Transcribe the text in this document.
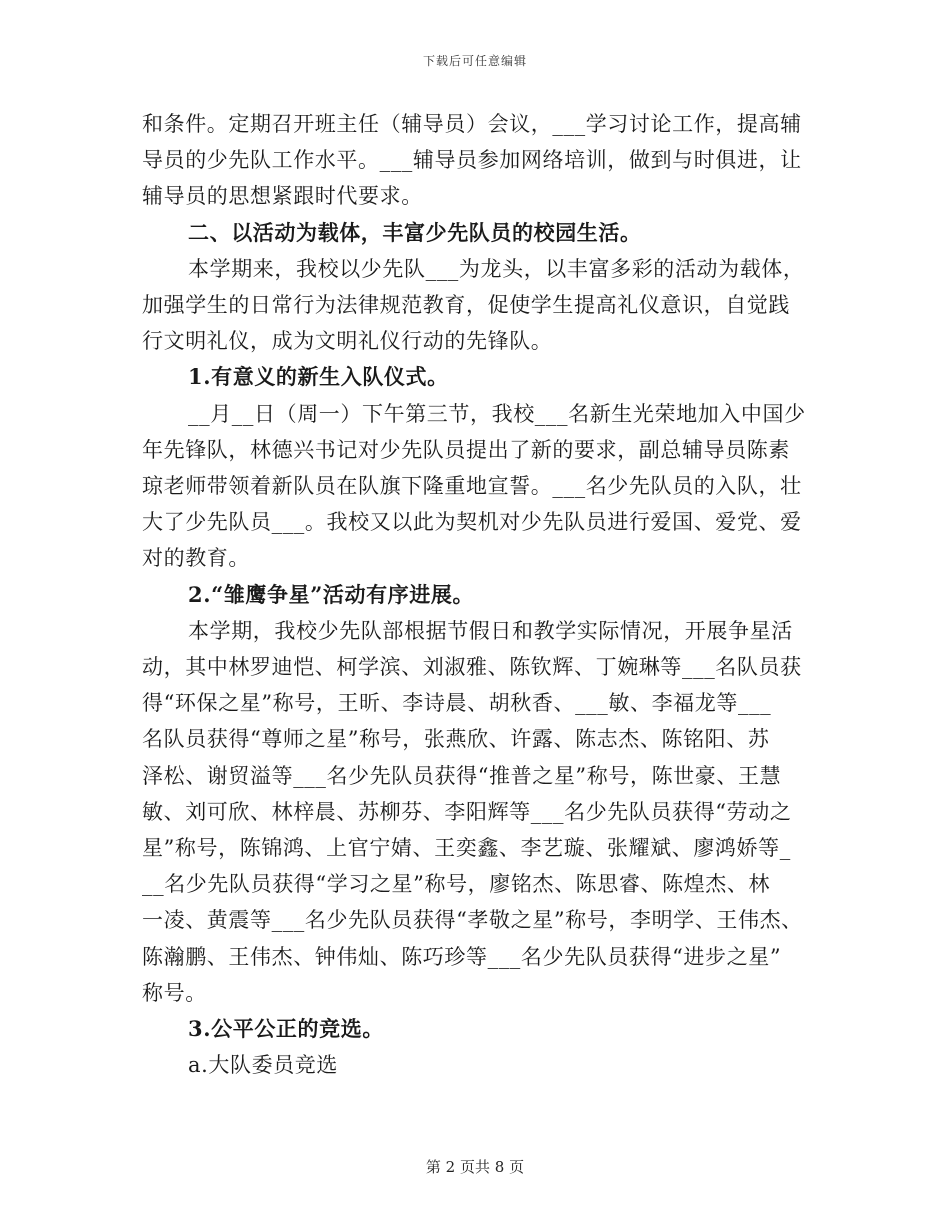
下载后可任意编辑
和条件。定期召开班主任（辅导员）会议，___学习讨论工作，提高辅
导员的少先队工作水平。___辅导员参加网络培训，做到与时俱进，让
辅导员的思想紧跟时代要求。
二、以活动为载体，丰富少先队员的校园生活。
本学期来，我校以少先队___为龙头，以丰富多彩的活动为载体，
加强学生的日常行为法律规范教育，促使学生提高礼仪意识，自觉践
行文明礼仪，成为文明礼仪行动的先锋队。
1.有意义的新生入队仪式。
__月__日（周一）下午第三节，我校___名新生光荣地加入中国少
年先锋队，林德兴书记对少先队员提出了新的要求，副总辅导员陈素
琼老师带领着新队员在队旗下隆重地宣誓。___名少先队员的入队，壮
大了少先队员___。我校又以此为契机对少先队员进行爱国、爱党、爱
对的教育。
2.“雏鹰争星”活动有序进展。
本学期，我校少先队部根据节假日和教学实际情况，开展争星活
动，其中林罗迪恺、柯学滨、刘淑雅、陈钦辉、丁婉琳等___名队员获
得“环保之星”称号，王昕、李诗晨、胡秋香、___敏、李福龙等___
名队员获得“尊师之星”称号，张燕欣、许露、陈志杰、陈铭阳、苏
泽松、谢贸溢等___名少先队员获得“推普之星”称号，陈世豪、王慧
敏、刘可欣、林梓晨、苏柳芬、李阳辉等___名少先队员获得“劳动之
星”称号，陈锦鸿、上官宁婧、王奕鑫、李艺璇、张耀斌、廖鸿娇等_
__名少先队员获得“学习之星”称号，廖铭杰、陈思睿、陈煌杰、林
一凌、黄震等___名少先队员获得“孝敬之星”称号，李明学、王伟杰、
陈瀚鹏、王伟杰、钟伟灿、陈巧珍等___名少先队员获得“进步之星”
称号。
3.公平公正的竞选。
a.大队委员竞选
第 2 页共 8 页
